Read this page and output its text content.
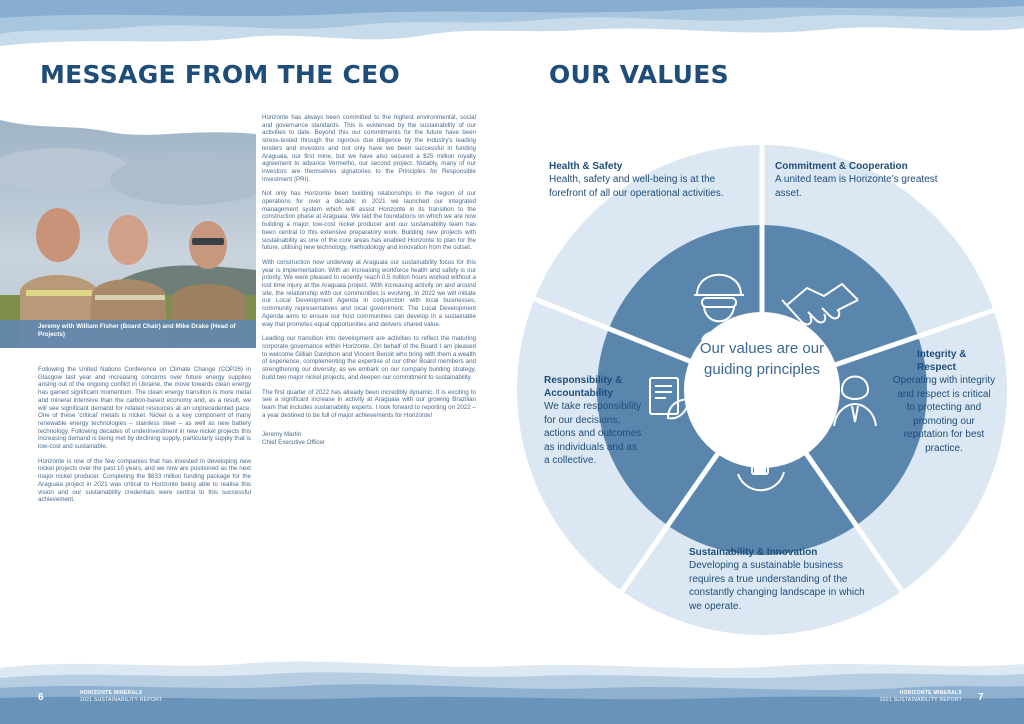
MESSAGE FROM THE CEO
Jeremy with William Fisher (Board Chair) and Mike Drake (Head of Projects)

Following the United Nations Conference on Climate Change (COP26) in Glasgow last year and increasing concerns over future energy supplies arising out of the ongoing conflict in Ukraine, the move towards clean energy has gained significant momentum. The clean energy transition is more metal and mineral intensive than the carbon-based economy and, as a result, we will see significant demand for related resources at an unprecedented pace. One of these 'critical' metals is nickel. Nickel is a key component of many renewable energy technologies – stainless steel – as well as new battery technology. Following decades of underinvestment in new nickel projects this increasing demand is being met by declining supply, particularly supply that is low-cost and sustainable.

Horizonte is one of the few companies that has invested in developing new nickel projects over the past 10 years, and we now are positioned as the next major nickel producer. Completing the $633 million funding package for the Araguaia project in 2021 was critical to Horizonte being able to realise this vision and our sustainability credentials were central to this successful achievement.

Horizonte has always been committed to the highest environmental, social and governance standards. This is evidenced by the sustainability of our activities to date. Beyond this our commitments for the future have been stress-tested through the rigorous due diligence by the industry's leading lenders and investors and not only have we been successful in funding Araguaia, our first mine, but we have also secured a $25 million royalty agreement to advance Vermelho, our second project. Notably, many of our investors are themselves signatories to the Principles for Responsible Investment (PRI).

Not only has Horizonte been building relationships in the region of our operations for over a decade; in 2021 we launched our integrated management system which will assist Horizonte in its transition to the construction phase at Araguaia. We laid the foundations on which we are now building a major, low-cost nickel producer and our sustainability team has been central to this extensive preparatory work. Building new projects with sustainability as one of the core areas has enabled Horizonte to plan for the future, utilising new technology, methodology and innovation from the outset.

With construction now underway at Araguaia our sustainability focus for this year is implementation. With an increasing workforce health and safety is our priority. We were pleased to recently reach 0.5 million hours worked without a lost time injury at the Araguaia project. With increasing activity on and around site, the relationship with our communities is evolving. In 2022 we will initiate our Local Development Agenda in conjunction with local businesses, community representatives and local government. The Local Development Agenda aims to ensure our host communities can develop in a sustainable way that promotes equal opportunities and delivers shared value.

Leading our transition into development are activities to reflect the maturing corporate governance within Horizonte. On behalf of the Board I am pleased to welcome Gillian Davidson and Vincent Benoit who bring with them a wealth of experience, complementing the expertise of our other Board members and strengthening our diversity, as we embark on our company building strategy, build two major nickel projects, and deepen our commitment to sustainability.

The first quarter of 2022 has already been incredibly dynamic. It is exciting to see a significant increase in activity at Araguaia with our growing Brazilian team that includes sustainability experts. I look forward to reporting on 2022 – a year destined to be full of major achievements for Horizonte!

Jeremy Martin
Chief Executive Officer
OUR VALUES
Our values are our guiding principles
Health & Safety
Health, safety and well-being is at the forefront of all our operational activities.
Commitment & Cooperation
A united team is Horizonte's greatest asset.
Integrity & Respect
Operating with integrity and respect is critical to protecting and promoting our reputation for best practice.
Responsibility & Accountability
We take responsibility for our decisions, actions and outcomes as individuals and as a collective.
Sustainability & Innovation
Developing a sustainable business requires a true understanding of the constantly changing landscape in which we operate.
6	HORIZONTE MINERALS
2021 SUSTAINABILITY REPORT
HORIZONTE MINERALS
2021 SUSTAINABILITY REPORT 7
